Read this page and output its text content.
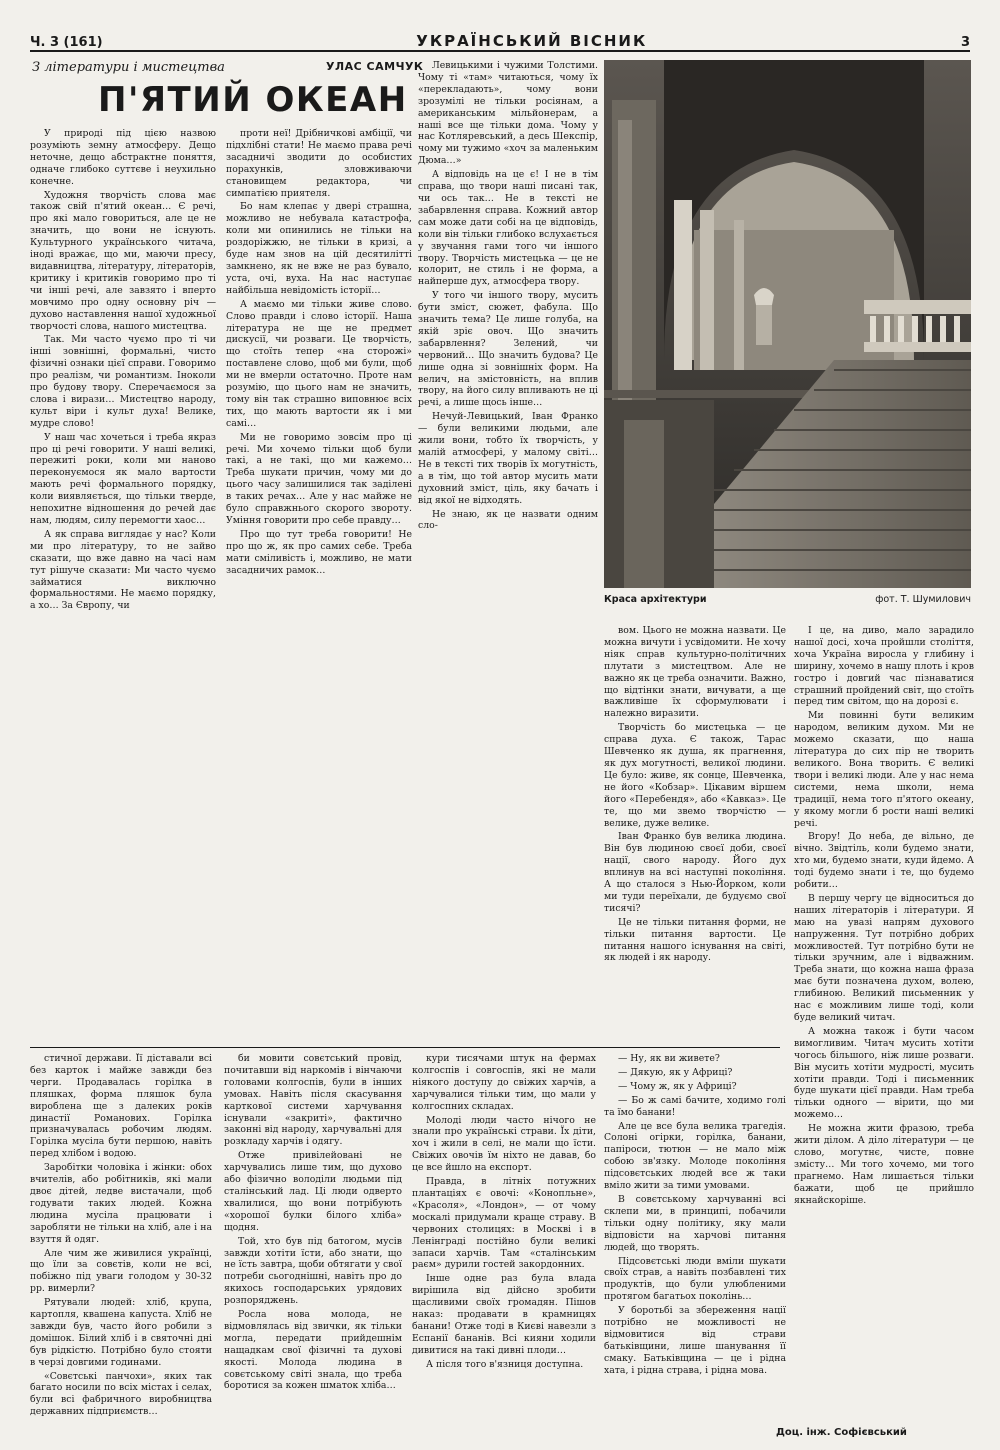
Ч. 3 (161)	УКРАЇНСЬКИЙ ВІСНИК	3
З літератури і мистецтва	УЛАС САМЧУК
П'ЯТИЙ ОКЕАН

У природі під цією назвою розуміють земну атмосферу. Дещо неточне, дещо абстрактне поняття, одначе глибоко суттєве і неухильно конечне.

Художня творчість слова має також свій п'ятий океан… Є речі, про які мало говориться, але це не значить, що вони не існують. Культурного українського читача, іноді вражає, що ми, маючи пресу, видавництва, літературу, літераторів, критику і критиків говоримо про ті чи інші речі, але завзято і вперто мовчимо про одну основну річ — духово наставлення нашої художньої творчості слова, нашого мистецтва.

Так. Ми часто чуємо про ті чи інші зовнішні, формальні, чисто фізичні ознаки цієї справи. Говоримо про реалізм, чи романтизм. Іноколи про будову твору. Сперечаємося за слова і вирази… Мистецтво народу, культ віри і культ духа! Велике, мудре слово!

У наш час хочеться і треба якраз про ці речі говорити. У наші великі, пережиті роки, коли ми наново переконуємося як мало вартости мають речі формального порядку, коли виявляється, що тільки тверде, непохитне відношення до речей дає нам, людям, силу перемогти хаос…

А як справа виглядає у нас? Коли ми про літературу, то не зайво сказати, що вже давно на часі нам тут рішуче сказати: Ми часто чуємо займатися виключно формальностями. Не маємо порядку, а хо… За Європу, чи

проти неї! Дрібничкові амбіції, чи підхлібні стати! Не маємо права речі засадничі зводити до особистих порахунків, зловживаючи становищем редактора, чи симпатією приятеля.

Бо нам клепає у двері страшна, можливо не небувала катастрофа, коли ми опинились не тільки на роздоріжжю, не тільки в кризі, а буде нам знов на цій десятилітті замкнено, як не вже не раз бувало, уста, очі, вуха. На нас наступає найбільша невідомість історії…

А маємо ми тільки живе слово. Слово правди і слово історії. Наша література не ще не предмет дискусії, чи розваги. Це творчість, що стоїть тепер «на сторожі» поставлене слово, щоб ми були, щоб ми не вмерли остаточно. Проте нам розумію, що цього нам не значить, тому він так страшно виповнює всіх тих, що мають вартости як і ми самі…

Ми не говоримо зовсім про ці речі. Ми хочемо тільки щоб були такі, а не такі, що ми кажемо… Треба шукати причин, чому ми до цього часу залишилися так заділені в таких речах… Але у нас майже не було справжнього скорого звороту. Уміння говорити про себе правду…

Про що тут треба говорити! Не про що ж, як про самих себе. Треба мати сміливість і, можливо, не мати засадничих рамок…

Левицькими і чужими Толстими. Чому ті «там» читаються, чому їх «перекладають», чому вони зрозумілі не тільки росіянам, а американським мільйонерам, а наші все ще тільки дома. Чому у нас Котляревський, а десь Шекспір, чому ми тужимо «хоч за маленьким Дюма…»

А відповідь на це є! І не в тім справа, що твори наші писані так, чи ось так… Не в тексті не забарвлення справа. Кожний автор сам може дати собі на це відповідь, коли він тільки глибоко вслухається у звучання гами того чи іншого твору. Творчість мистецька — це не колорит, не стиль і не форма, а найперше дух, атмосфера твору.

У того чи іншого твору, мусить бути зміст, сюжет, фабула. Що значить тема? Це лише голуба, на якій зріє овоч. Що значить забарвлення? Зелений, чи червоний… Що значить будова? Це лише одна зі зовнішніх форм. На велич, на змістовність, на вплив твору, на його силу впливають не ці речі, а лише щось інше…

Нечуй-Левицький, Іван Франко — були великими людьми, але жили вони, тобто їх творчість, у малій атмосфері, у малому світі… Не в тексті тих творів їх могутність, а в тім, що той автор мусить мати духовний зміст, ціль, яку бачать і від якої не відходять.

Не знаю, як це назвати одним сло-

вом. Цього не можна назвати. Це можна вичути і усвідомити. Не хочу ніяк справ культурно-політичних плутати з мистецтвом. Але не важно як це треба означити. Важно, що відтінки знати, вичувати, а ще важливіше їх сформулювати і належно виразити.

Творчість бо мистецька — це справа духа. Є також, Тарас Шевченко як душа, як прагнення, як дух могутності, великої людини. Це було: живе, як сонце, Шевченка, не його «Кобзар». Цікавим віршем його «Перебендя», або «Кавказ». Це те, що ми звемо творчістю — велике, дуже велике.

Іван Франко був велика людина. Він був людиною своєї доби, своєї нації, свого народу. Його дух вплинув на всі наступні покоління. А що сталося з Нью-Йорком, коли ми туди переїхали, де будуємо свої тисячі?

Це не тільки питання форми, не тільки питання вартости. Це питання нашого існування на світі, як людей і як народу.

І це, на диво, мало зарадило нашої досі, хоча пройшли століття, хоча Україна виросла у глибину і ширину, хочемо в нашу плоть і кров гостро і довгий час пізнаватися страшний пройдений світ, що стоїть перед тим світом, що на дорозі є.

Ми повинні бути великим народом, великим духом. Ми не можемо сказати, що наша література до сих пір не творить великого. Вона творить. Є великі твори і великі люди. Але у нас нема системи, нема школи, нема традиції, нема того п'ятого океану, у якому могли б рости наші великі речі.

Вгору! До неба, де вільно, де вічно. Звідтіль, коли будемо знати, хто ми, будемо знати, куди йдемо. А тоді будемо знати і те, що будемо робити…

В першу чергу це відноситься до наших літераторів і літератури. Я маю на увазі напрям духового напруження. Тут потрібно добрих можливостей. Тут потрібно бути не тільки зручним, але і відважним. Треба знати, що кожна наша фраза має бути позначена духом, волею, глибиною. Великий письменник у нас є можливим лише тоді, коли буде великий читач.

А можна також і бути часом вимогливим. Читач мусить хотіти чогось більшого, ніж лише розваги. Він мусить хотіти мудрості, мусить хотіти правди. Тоді і письменник буде шукати цієї правди. Нам треба тільки одного — вірити, що ми можемо…

Не можна жити фразою, треба жити ділом. А діло літератури — це слово, могутнє, чисте, повне змісту… Ми того хочемо, ми того прагнемо. Нам лишається тільки бажати, щоб це прийшло якнайскоріше.

Краса архітектури	фот. Т. Шумилович

стичної держави. Її діставали всі без карток і майже завжди без черги. Продавалась горілка в пляшках, форма пляшок була вироблена ще з далеких років династії Романових. Горілка призначувалась робочим людям. Горілка мусіла бути першою, навіть перед хлібом і водою.

Заробітки чоловіка і жінки: обох вчителів, або робітників, які мали двоє дітей, ледве вистачали, щоб годувати таких людей. Кожна людина мусіла працювати і заробляти не тільки на хліб, але і на взуття й одяг.

Але чим же живилися українці, що їли за совєтів, коли не всі, побіжно під уваги голодом у 30-32 рр. вимерли?

Рятували людей: хліб, крупа, картопля, квашена капуста. Хліб не завжди був, часто його робили з домішок. Білий хліб і в святочні дні був рідкістю. Потрібно було стояти в черзі довгими годинами.

«Совєтські панчохи», яких так багато носили по всіх містах і селах, були всі фабричного виробництва державних підприємств…

би мовити совєтський провід, почитавши від наркомів і вінчаючи головами колгоспів, були в інших умовах. Навіть після скасування карткової системи харчування існували «закриті», фактично законні від народу, харчувальні для розкладу харчів і одягу.

Отже привілейовані не харчувались лише тим, що духово або фізично володіли людьми під сталінський лад. Ці люди одверто хвалилися, що вони потрібують «хорошої булки білого хліба» щодня.

Той, хто був під батогом, мусів завжди хотіти їсти, або знати, що не їсть завтра, щоби обтягати у свої потреби сьогоднішні, навіть про до якихось господарських урядових розпоряджень.

Росла нова молода, не відмовлялась від звички, як тільки могла, передати прийдешнім нащадкам свої фізичні та духові якості. Молода людина в совєтському світі знала, що треба боротися за кожен шматок хліба…

кури тисячами штук на фермах колгоспів і совгоспів, які не мали ніякого доступу до свіжих харчів, а харчувалися тільки тим, що мали у колгоспних складах.

Молоді люди часто нічого не знали про українські страви. Їх діти, хоч і жили в селі, не мали що їсти. Свіжих овочів їм ніхто не давав, бо це все йшло на експорт.

Правда, в літніх потужних плантаціях є овочі: «Конопльне», «Красоля», «Лондон», — от чому москалі придумали краще страву. В червоних столицях: в Москві і в Ленінграді постійно були великі запаси харчів. Там «сталінським раєм» дурили гостей закордонних.

Інше одне раз була влада вирішила від дійсно зробити щасливими своїх громадян. Пішов наказ: продавати в крамницях банани! Отже тоді в Києві навезли з Еспанії бананів. Всі кияни ходили дивитися на такі дивні плоди…

А після того в'язниця доступна.

— Ну, як ви живете?

— Дякую, як у Африці?

— Чому ж, як у Африці?

— Бо ж самі бачите, ходимо голі та їмо банани!

Але це все була велика трагедія. Солоні огірки, горілка, банани, папіроси, тютюн — не мало між собою зв'язку. Молоде покоління підсовєтських людей все ж таки вміло жити за тими умовами.

В совєтському харчуванні всі склепи ми, в принципі, побачили тільки одну політику, яку мали відповісти на харчові питання людей, що творять.

Підсовєтські люди вміли шукати своїх страв, а навіть позбавлені тих продуктів, що були улюбленими протягом багатьох поколінь…

У боротьбі за збереження нації потрібно не можливості не відмовитися від страви батьківщини, лише шанування її смаку. Батьківщина — це і рідна хата, і рідна страва, і рідна мова.

Доц. інж. Софієвський
